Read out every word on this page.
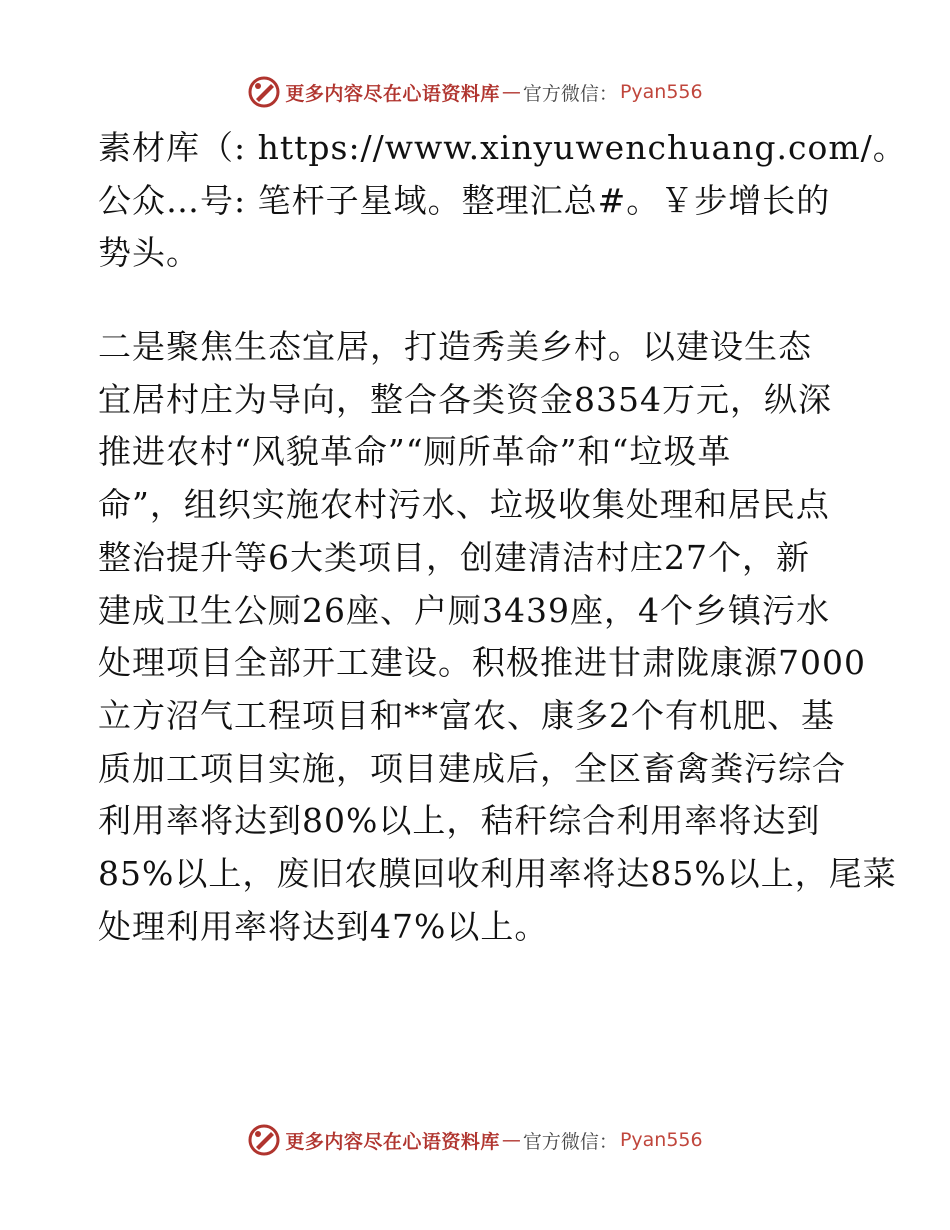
更多内容尽在心语资料库 — 官方微信： Pyan556
素材库（: https://www.xinyuwenchuang.com/。
公众…号: 笔杆子星域。整理汇总#。￥步增长的
势头。
二是聚焦生态宜居，打造秀美乡村。以建设生态
宜居村庄为导向，整合各类资金8354万元，纵深
推进农村“风貌革命”“厕所革命”和“垃圾革
命”，组织实施农村污水、垃圾收集处理和居民点
整治提升等6大类项目，创建清洁村庄27个，新
建成卫生公厕26座、户厕3439座，4个乡镇污水
处理项目全部开工建设。积极推进甘肃陇康源7000
立方沼气工程项目和**富农、康多2个有机肥、基
质加工项目实施，项目建成后，全区畜禽粪污综合
利用率将达到80%以上，秸秆综合利用率将达到
85%以上，废旧农膜回收利用率将达85%以上，尾菜
处理利用率将达到47%以上。
更多内容尽在心语资料库 — 官方微信： Pyan556
